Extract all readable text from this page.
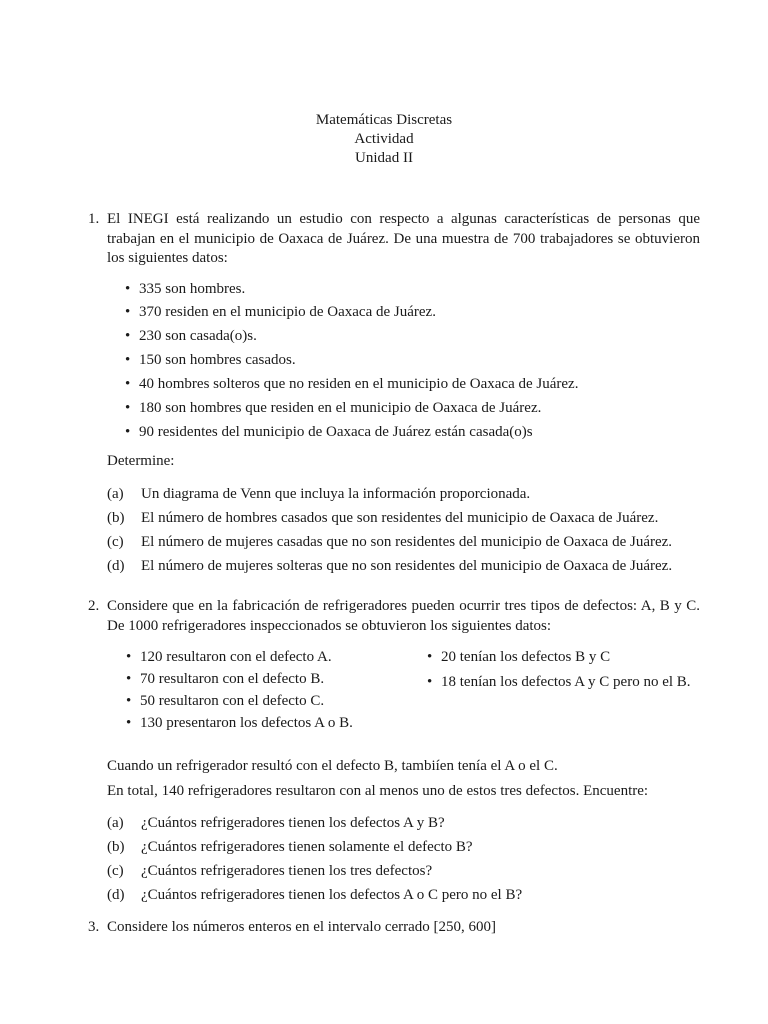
Matemáticas Discretas
Actividad
Unidad II
1. El INEGI está realizando un estudio con respecto a algunas características de personas que trabajan en el municipio de Oaxaca de Juárez. De una muestra de 700 trabajadores se obtuvieron los siguientes datos:
• 335 son hombres.
• 370 residen en el municipio de Oaxaca de Juárez.
• 230 son casada(o)s.
• 150 son hombres casados.
• 40 hombres solteros que no residen en el municipio de Oaxaca de Juárez.
• 180 son hombres que residen en el municipio de Oaxaca de Juárez.
• 90 residentes del municipio de Oaxaca de Juárez están casada(o)s
Determine:
(a) Un diagrama de Venn que incluya la información proporcionada.
(b) El número de hombres casados que son residentes del municipio de Oaxaca de Juárez.
(c) El número de mujeres casadas que no son residentes del municipio de Oaxaca de Juárez.
(d) El número de mujeres solteras que no son residentes del municipio de Oaxaca de Juárez.
2. Considere que en la fabricación de refrigeradores pueden ocurrir tres tipos de defectos: A, B y C. De 1000 refrigeradores inspeccionados se obtuvieron los siguientes datos:
• 120 resultaron con el defecto A.
• 70 resultaron con el defecto B.
• 50 resultaron con el defecto C.
• 130 presentaron los defectos A o B.
• 20 tenían los defectos B y C
• 18 tenían los defectos A y C pero no el B.
Cuando un refrigerador resultó con el defecto B, tambiíen tenía el A o el C.
En total, 140 refrigeradores resultaron con al menos uno de estos tres defectos. Encuentre:
(a) ¿Cuántos refrigeradores tienen los defectos A y B?
(b) ¿Cuántos refrigeradores tienen solamente el defecto B?
(c) ¿Cuántos refrigeradores tienen los tres defectos?
(d) ¿Cuántos refrigeradores tienen los defectos A o C pero no el B?
3. Considere los números enteros en el intervalo cerrado [250, 600]
